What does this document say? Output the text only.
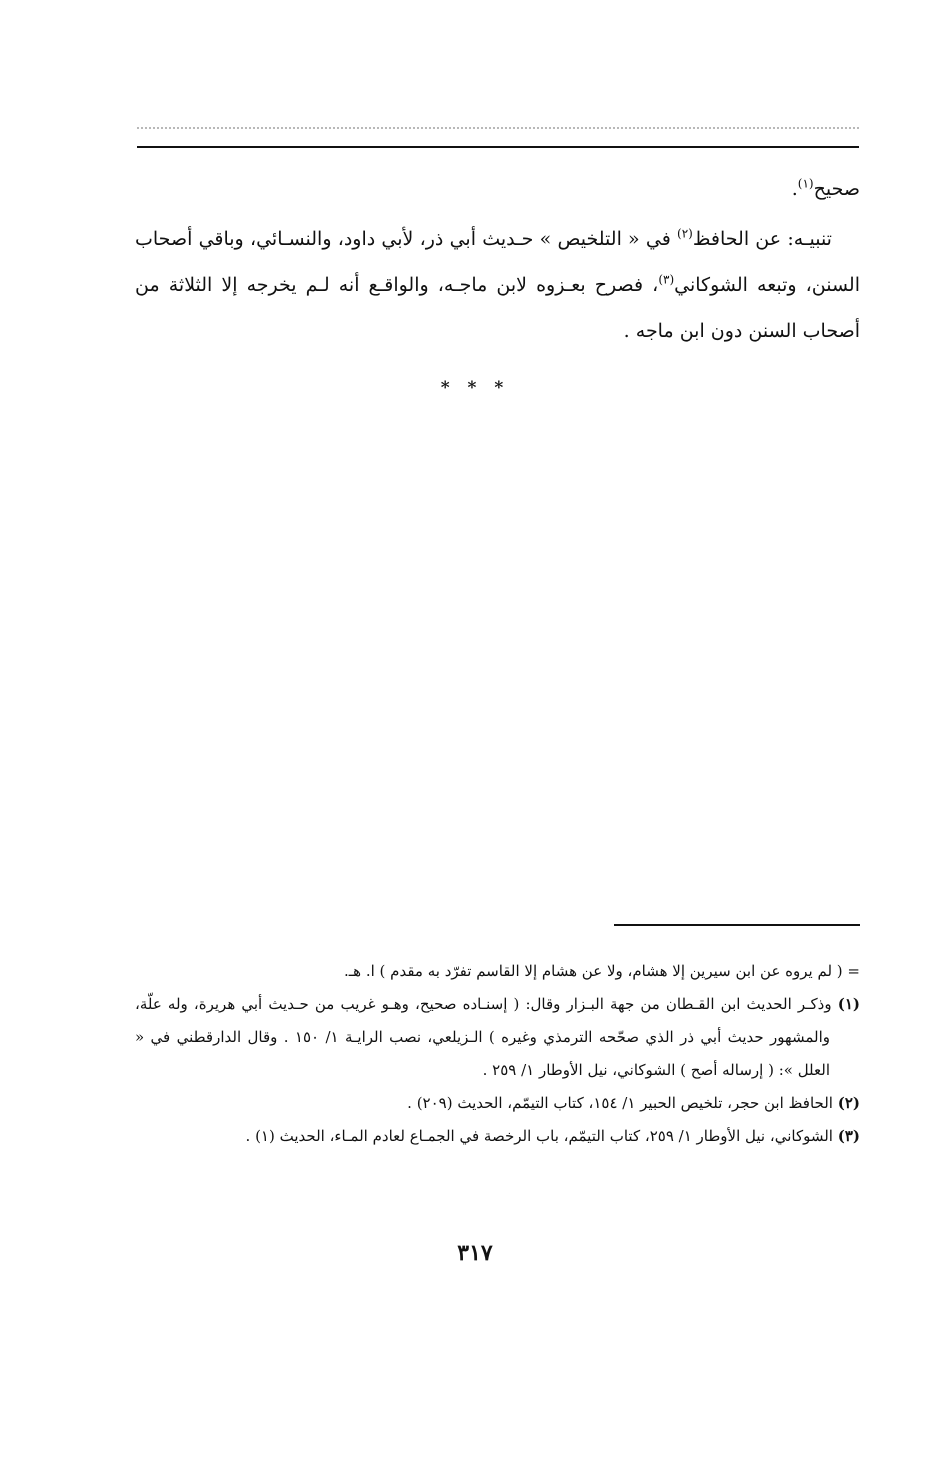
صحيح$^{(١)}$.

تنبيـه: عن الحافظ$^{(٢)}$ في « التلخيص » حـديث أبي ذر، لأبي داود، والنسـائي، وباقي أصحاب السنن، وتبعه الشوكاني$^{(٣)}$، فصرح بعـزوه لابن ماجـه، والواقـع أنه لـم يخرجه إلا الثلاثة من أصحاب السنن دون ابن ماجه .

* * *

= ( لم يروه عن ابن سيرين إلا هشام، ولا عن هشام إلا القاسم تفرّد به مقدم ) ا. هـ.

(١) وذكـر الحديث ابن القـطان من جهة البـزار وقال: ( إسنـاده صحيح، وهـو غريب من حـديث أبي هريرة، وله علّة، والمشهور حديث أبي ذر الذي صحّحه الترمذي وغيره ) الـزيلعي، نصب الرايـة ١/ ١٥٠ . وقال الدارقطني في « العلل »: ( إرساله أصح ) الشوكاني، نيل الأوطار ١/ ٢٥٩ .

(٢) الحافظ ابن حجر، تلخيص الحبير ١/ ١٥٤، كتاب التيمّم، الحديث (٢٠٩) .

(٣) الشوكاني، نيل الأوطار ١/ ٢٥٩، كتاب التيمّم، باب الرخصة في الجمـاع لعادم المـاء، الحديث (١) .

٣١٧
